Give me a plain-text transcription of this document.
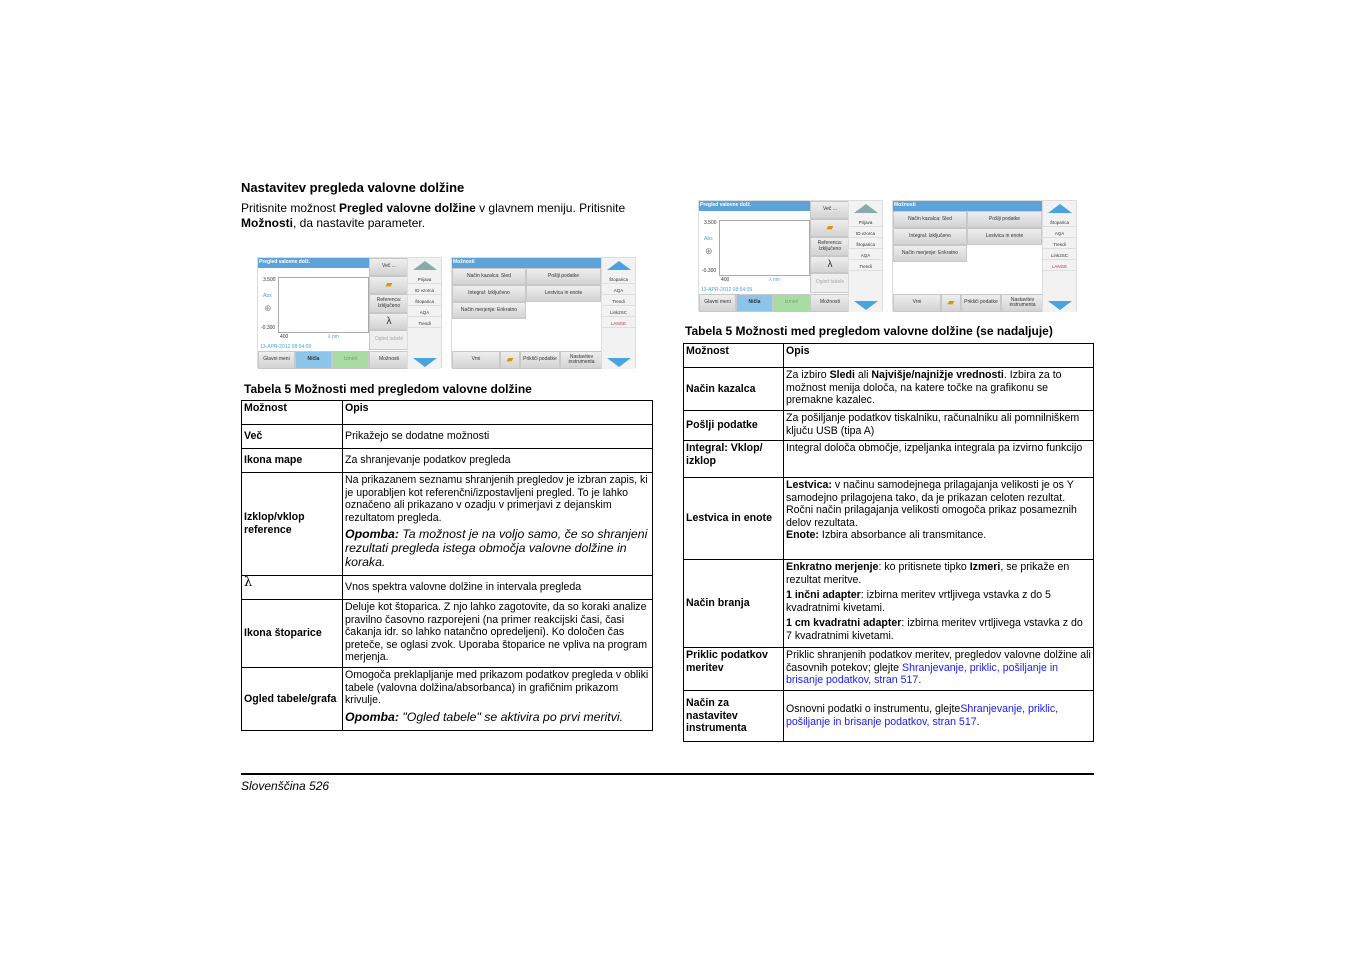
Nastavitev pregleda valovne dolžine

Pritisnite možnost Pregled valovne dolžine v glavnem meniju. Pritisnite Možnosti, da nastavite parameter.

Pregled valovne dolž.
3.500
Abs
⊕
-0.300
400	λ nm
13-APR-2012 08:54:09
Več ...
▰
Referenca: Izključeno
λ
Ogled tabele
Glavni meni	Ničla	Izmeri	Možnosti
Prijava
ID vzorca
Štoparica
AQA
Trendi
Možnosti
Način kazalca: Sled	Pošlji podatke
Integral: Izključeno	Lestvica in enote
Način merjenje: Enkratno
Vrni	▰	Prikliči podatke	Nastavitev instrumenta
Štoparica
AQA
Trendi
Link2SC
LANGE
Pregled valovne dolž.
3.500
Abs
⊕
-0.300
400	λ nm
13-APR-2012 08:54:09
Več ...
▰
Referenca: Izključeno
λ
Ogled tabele
Glavni meni	Ničla	Izmeri	Možnosti
Prijava
ID vzorca
Štoparica
AQA
Trendi
Možnosti
Način kazalca: Sled	Pošlji podatke
Integral: Izključeno	Lestvica in enote
Način merjenje: Enkratno
Vrni	▰	Prikliči podatke	Nastavitev instrumenta
Štoparica
AQA
Trendi
Link2SC
LANGE
Tabela 5 Možnosti med pregledom valovne dolžine
Možnost	Opis
Več	Prikažejo se dodatne možnosti
Ikona mape	Za shranjevanje podatkov pregleda
Izklop/vklop reference	Na prikazanem seznamu shranjenih pregledov je izbran zapis, ki je uporabljen kot referenčni/izpostavljeni pregled. To je lahko označeno ali prikazano v ozadju v primerjavi z dejanskim rezultatom pregleda.
Opomba: Ta možnost je na voljo samo, če so shranjeni rezultati pregleda istega območja valovne dolžine in koraka.

λ	Vnos spektra valovne dolžine in intervala pregleda
Ikona štoparice	Deluje kot štoparica. Z njo lahko zagotovite, da so koraki analize pravilno časovno razporejeni (na primer reakcijski časi, časi čakanja idr. so lahko natančno opredeljeni). Ko določen čas preteče, se oglasi zvok. Uporaba štoparice ne vpliva na program merjenja.
Ogled tabele/grafa	Omogoča preklapljanje med prikazom podatkov pregleda v obliki tabele (valovna dolžina/absorbanca) in grafičnim prikazom krivulje.
Opomba: "Ogled tabele" se aktivira po prvi meritvi.
Tabela 5 Možnosti med pregledom valovne dolžine (se nadaljuje)
Možnost	Opis
Način kazalca	Za izbiro Sledi ali Najvišje/najnižje vrednosti. Izbira za to možnost menija določa, na katere točke na grafikonu se premakne kazalec.
Pošlji podatke	Za pošiljanje podatkov tiskalniku, računalniku ali pomnilniškem ključu USB (tipa A)
Integral: Vklop/ izklop	Integral določa območje, izpeljanka integrala pa izvirno funkcijo
Lestvica in enote	Lestvica: v načinu samodejnega prilagajanja velikosti je os Y samodejno prilagojena tako, da je prikazan celoten rezultat.
Ročni način prilagajanja velikosti omogoča prikaz posameznih delov rezultata.
Enote: Izbira absorbance ali transmitance.
Način branja	Enkratno merjenje: ko pritisnete tipko Izmeri, se prikaže en rezultat meritve.
1 inčni adapter: izbirna meritev vrtljivega vstavka z do 5 kvadratnimi kivetami.
1 cm kvadratni adapter: izbirna meritev vrtljivega vstavka z do 7 kvadratnimi kivetami.

Priklic podatkov meritev	Priklic shranjenih podatkov meritev, pregledov valovne dolžine ali časovnih potekov; glejte Shranjevanje, priklic, pošiljanje in brisanje podatkov, stran 517.
Način za nastavitev instrumenta	Osnovni podatki o instrumentu, glejteShranjevanje, priklic, pošiljanje in brisanje podatkov, stran 517.
Slovenščina 526
